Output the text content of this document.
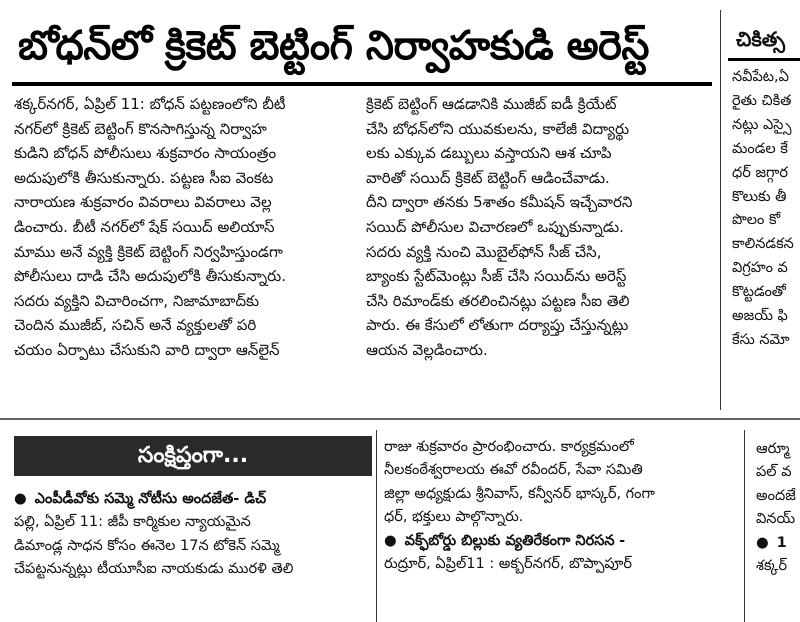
బోధన్‌లో క్రికెట్ బెట్టింగ్ నిర్వాహకుడి అరెస్ట్

శక్కర్‌నగర్, ఏప్రిల్ 11: బోధన్ పట్టణంలోని బీటీ

నగర్‌లో క్రికెట్ బెట్టింగ్ కొనసాగిస్తున్న నిర్వాహ

కుడిని బోధన్ పోలీసులు శుక్రవారం సాయంత్రం

అదుపులోకి తీసుకున్నారు. పట్టణ సీఐ వెంకట

నారాయణ శుక్రవారం వివరాలు వివరాలు వెల్ల

డించారు. బీటీ నగర్‌లో షేక్ సయిద్ అలియాస్

మాము అనే వ్యక్తి క్రికెట్ బెట్టింగ్ నిర్వహిస్తుండగా

పోలీసులు దాడి చేసి అదుపులోకి తీసుకున్నారు.

సదరు వ్యక్తిని విచారించగా, నిజామాబాద్‌కు

చెందిన ముజీబ్, సచిన్ అనే వ్యక్తులతో పరి

చయం ఏర్పాటు చేసుకుని వారి ద్వారా ఆన్‌లైన్

క్రికెట్ బెట్టింగ్ ఆడడానికి ముజీబ్ ఐడీ క్రియేట్

చేసి బోధన్‌లోని యువకులను, కాలేజీ విద్యార్థు

లకు ఎక్కువ డబ్బులు వస్తాయని ఆశ చూపి

వారితో సయిద్ క్రికెట్ బెట్టింగ్ ఆడించేవాడు.

దీని ద్వారా తనకు 5శాతం కమీషన్ ఇచ్చేవారని

సయిద్ పోలీసుల విచారణలో ఒప్పుకున్నాడు.

సదరు వ్యక్తి నుంచి మొబైల్‌ఫోన్ సీజ్ చేసి,

బ్యాంకు స్టేట్‌మెంట్లు సీజ్ చేసి సయిద్‌ను అరెస్ట్

చేసి రిమాండ్‌కు తరలించినట్లు పట్టణ సీఐ తెలి

పారు. ఈ కేసులో లోతుగా దర్యాప్తు చేస్తున్నట్లు

ఆయన వెల్లడించారు.

చికిత్స

నవీపేట,ఏ

రైతు చికిత

నట్లు ఎస్సై

మండల కే

ధర్ జగ్గార

కొలుకు తీ

పొలం కో

కాలినడకన

విగ్రహం వ

కొట్టడంతో

అజయ్ ఫి

కేసు నమో

సంక్షిప్తంగా...

● ఎంపీడీవోకు సమ్మె నోటీసు అందజేత- డిచ్

పల్లి, ఏప్రిల్ 11: జీపీ కార్మికుల న్యాయమైన

డిమాండ్ల సాధన కోసం ఈనెల 17న టోకెన్ సమ్మె

చేపట్టనున్నట్లు టీయూసీఐ నాయకుడు మురళి తెలి

రాజు శుక్రవారం ప్రారంభించారు. కార్యక్రమంలో

నీలకంఠేశ్వరాలయ ఈవో రవీందర్, సేవా సమితి

జిల్లా అధ్యక్షుడు శ్రీనివాస్, కన్వీనర్ భాస్కర్, గంగా

ధర్, భక్తులు పాల్గొన్నారు.

● వక్ఫ్‌బోర్డు బిల్లుకు వ్యతిరేకంగా నిరసన -

రుద్రూర్, ఏప్రిల్11 : అక్బర్‌నగర్, బొప్పాపూర్

ఆర్మూ

పల్ వ

అందజే

వినయ్

● 1

శక్కర్
